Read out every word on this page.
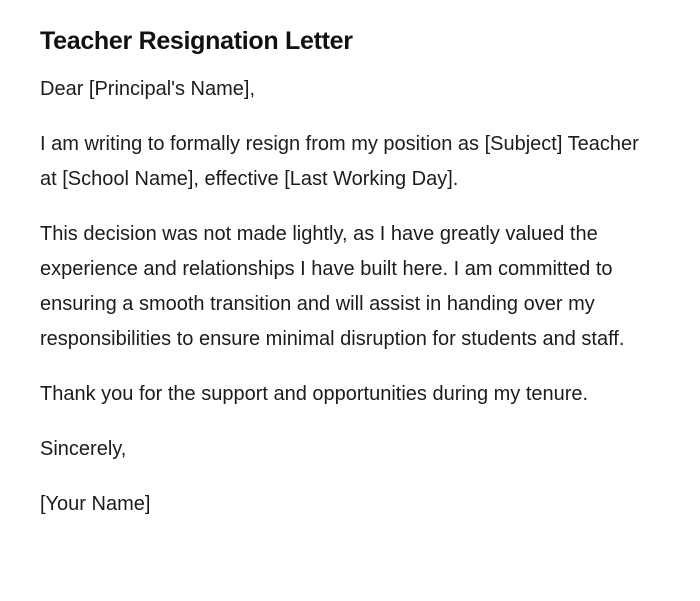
Teacher Resignation Letter

Dear [Principal's Name],

I am writing to formally resign from my position as [Subject] Teacher at [School Name], effective [Last Working Day].

This decision was not made lightly, as I have greatly valued the experience and relationships I have built here. I am committed to ensuring a smooth transition and will assist in handing over my responsibilities to ensure minimal disruption for students and staff.

Thank you for the support and opportunities during my tenure.

Sincerely,

[Your Name]
